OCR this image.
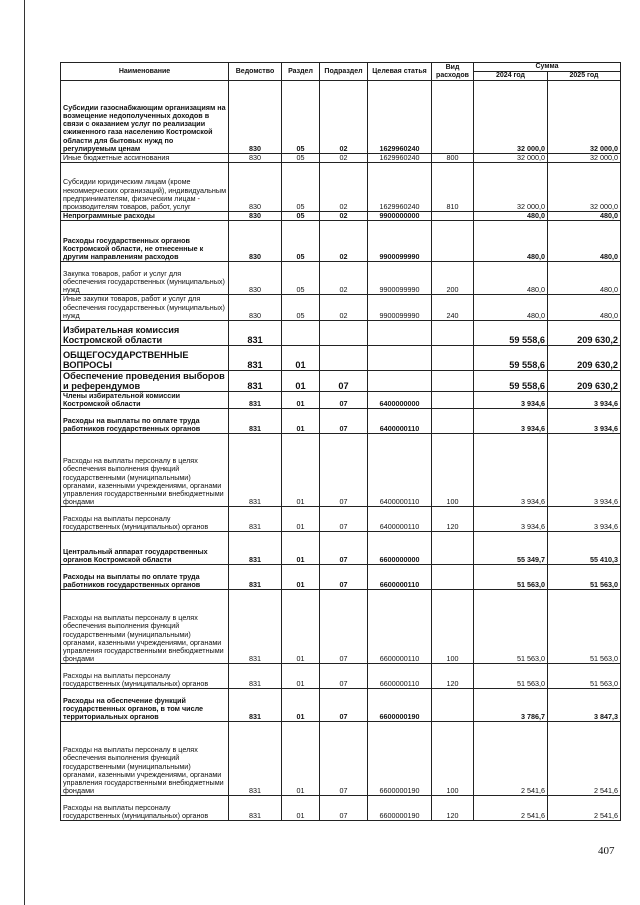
Наименование	Ведомство	Раздел	Подраздел	Целевая статья	Вид расходов	Сумма	
						2024 год	2025 год
Субсидии газоснабжающим организациям на возмещение недополученных доходов в связи с оказанием услуг по реализации сжиженного газа населению Костромской области для бытовых нужд по регулируемым ценам	830	05	02	1629960240		32 000,0	32 000,0
Иные бюджетные ассигнования	830	05	02	1629960240	800	32 000,0	32 000,0
Субсидии юридическим лицам (кроме некоммерческих организаций), индивидуальным предпринимателям, физическим лицам - производителям товаров, работ, услуг	830	05	02	1629960240	810	32 000,0	32 000,0
Непрограммные расходы	830	05	02	9900000000		480,0	480,0
Расходы государственных органов Костромской области, не отнесенные к другим направлениям расходов	830	05	02	9900099990		480,0	480,0
Закупка товаров, работ и услуг для обеспечения государственных (муниципальных) нужд	830	05	02	9900099990	200	480,0	480,0
Иные закупки товаров, работ и услуг для обеспечения государственных (муниципальных) нужд	830	05	02	9900099990	240	480,0	480,0
Избирательная комиссия Костромской области	831					59 558,6	209 630,2
ОБЩЕГОСУДАРСТВЕННЫЕ ВОПРОСЫ	831	01				59 558,6	209 630,2
Обеспечение проведения выборов и референдумов	831	01	07			59 558,6	209 630,2
Члены избирательной комиссии Костромской области	831	01	07	6400000000		3 934,6	3 934,6
Расходы на выплаты по оплате труда работников государственных органов	831	01	07	6400000110		3 934,6	3 934,6
Расходы на выплаты персоналу в целях обеспечения выполнения функций государственными (муниципальными) органами, казенными учреждениями, органами управления государственными внебюджетными фондами	831	01	07	6400000110	100	3 934,6	3 934,6
Расходы на выплаты персоналу государственных (муниципальных) органов	831	01	07	6400000110	120	3 934,6	3 934,6
Центральный аппарат государственных органов Костромской области	831	01	07	6600000000		55 349,7	55 410,3
Расходы на выплаты по оплате труда работников государственных органов	831	01	07	6600000110		51 563,0	51 563,0
Расходы на выплаты персоналу в целях обеспечения выполнения функций государственными (муниципальными) органами, казенными учреждениями, органами управления государственными внебюджетными фондами	831	01	07	6600000110	100	51 563,0	51 563,0
Расходы на выплаты персоналу государственных (муниципальных) органов	831	01	07	6600000110	120	51 563,0	51 563,0
Расходы на обеспечение функций государственных органов, в том числе территориальных органов	831	01	07	6600000190		3 786,7	3 847,3
Расходы на выплаты персоналу в целях обеспечения выполнения функций государственными (муниципальными) органами, казенными учреждениями, органами управления государственными внебюджетными фондами	831	01	07	6600000190	100	2 541,6	2 541,6
Расходы на выплаты персоналу государственных (муниципальных) органов	831	01	07	6600000190	120	2 541,6	2 541,6
407
